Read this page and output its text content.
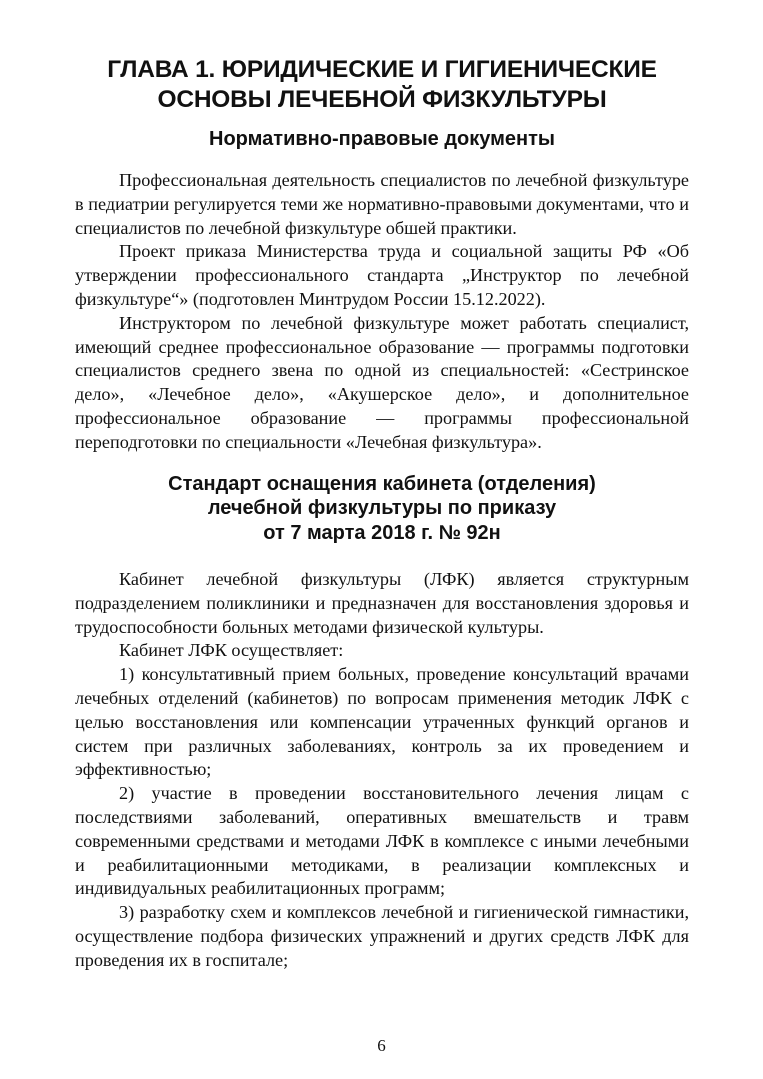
ГЛАВА 1. ЮРИДИЧЕСКИЕ И ГИГИЕНИЧЕСКИЕ
ОСНОВЫ ЛЕЧЕБНОЙ ФИЗКУЛЬТУРЫ
Нормативно-правовые документы

Профессиональная деятельность специалистов по лечебной физкультуре в педиатрии регулируется теми же нормативно-правовыми документами, что и специалистов по лечебной физкультуре обшей практики.

Проект приказа Министерства труда и социальной защиты РФ «Об утверждении профессионального стандарта „Инструктор по лечебной физкультуре“» (подготовлен Минтрудом России 15.12.2022).

Инструктором по лечебной физкультуре может работать специалист, имеющий среднее профессиональное образование — программы подготовки специалистов среднего звена по одной из специальностей: «Сестринское дело», «Лечебное дело», «Акушерское дело», и дополнительное профессиональное образование — программы профессиональной переподготовки по специальности «Лечебная физкультура».

Стандарт оснащения кабинета (отделения)
лечебной физкультуры по приказу
от 7 марта 2018 г. № 92н

Кабинет лечебной физкультуры (ЛФК) является структурным подразделением поликлиники и предназначен для восстановления здоровья и трудоспособности больных методами физической культуры.

Кабинет ЛФК осуществляет:

1) консультативный прием больных, проведение консультаций врачами лечебных отделений (кабинетов) по вопросам применения методик ЛФК с целью восстановления или компенсации утраченных функций органов и систем при различных заболеваниях, контроль за их проведением и эффективностью;

2) участие в проведении восстановительного лечения лицам с последствиями заболеваний, оперативных вмешательств и травм современными средствами и методами ЛФК в комплексе с иными лечебными и реабилитационными методиками, в реализации комплексных и индивидуальных реабилитационных программ;

3) разработку схем и комплексов лечебной и гигиенической гимнастики, осуществление подбора физических упражнений и других средств ЛФК для проведения их в госпитале;

6
